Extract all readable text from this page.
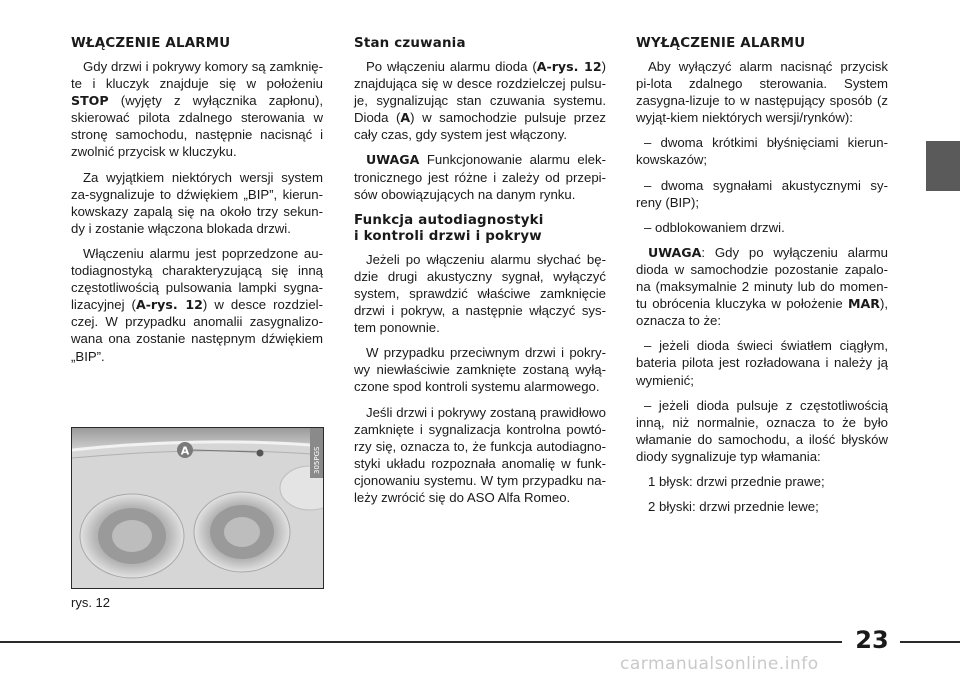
WŁĄCZENIE ALARMU

Gdy drzwi i pokrywy komory są zamknię-te i kluczyk znajduje się w położeniu STOP (wyjęty z wyłącznika zapłonu), skierować pilota zdalnego sterowania w stronę samochodu, następnie nacisnąć i zwolnić przycisk w kluczyku.

Za wyjątkiem niektórych wersji system za-sygnalizuje to dźwiękiem „BIP”, kierun-kowskazy zapalą się na około trzy sekun-dy i zostanie włączona blokada drzwi.

Włączeniu alarmu jest poprzedzone au-todiagnostyką charakteryzującą się inną częstotliwością pulsowania lampki sygna-lizacyjnej (A-rys. 12) w desce rozdziel-czej. W przypadku anomalii zasygnalizo-wana ona zostanie następnym dźwiękiem „BIP”.

A	305PGS
rys. 12
Stan czuwania

Po włączeniu alarmu dioda (A-rys. 12) znajdująca się w desce rozdzielczej pulsu-je, sygnalizując stan czuwania systemu. Dioda (A) w samochodzie pulsuje przez cały czas, gdy system jest włączony.

UWAGA Funkcjonowanie alarmu elek-tronicznego jest różne i zależy od przepi-sów obowiązujących na danym rynku.

Funkcja autodiagnostyki
i kontroli drzwi i pokryw

Jeżeli po włączeniu alarmu słychać bę-dzie drugi akustyczny sygnał, wyłączyć system, sprawdzić właściwe zamknięcie drzwi i pokryw, a następnie włączyć sys-tem ponownie.

W przypadku przeciwnym drzwi i pokry-wy niewłaściwie zamknięte zostaną wyłą-czone spod kontroli systemu alarmowego.

Jeśli drzwi i pokrywy zostaną prawidłowo zamknięte i sygnalizacja kontrolna powtó-rzy się, oznacza to, że funkcja autodiagno-styki układu rozpoznała anomalię w funk-cjonowaniu systemu. W tym przypadku na-leży zwrócić się do ASO Alfa Romeo.

WYŁĄCZENIE ALARMU

Aby wyłączyć alarm nacisnąć przycisk pi-lota zdalnego sterowania. System zasygna-lizuje to w następujący sposób (z wyjąt-kiem niektórych wersji/rynków):

– dwoma krótkimi błyśnięciami kierun-kowskazów;

– dwoma sygnałami akustycznymi sy-reny (BIP);

– odblokowaniem drzwi.

UWAGA: Gdy po wyłączeniu alarmu dioda w samochodzie pozostanie zapalo-na (maksymalnie 2 minuty lub do momen-tu obrócenia kluczyka w położenie MAR), oznacza to że:

– jeżeli dioda świeci światłem ciągłym, bateria pilota jest rozładowana i należy ją wymienić;

– jeżeli dioda pulsuje z częstotliwością inną, niż normalnie, oznacza to że było włamanie do samochodu, a ilość błysków diody sygnalizuje typ włamania:

1 błysk: drzwi przednie prawe;

2 błyski: drzwi przednie lewe;

23
carmanualsonline.info
